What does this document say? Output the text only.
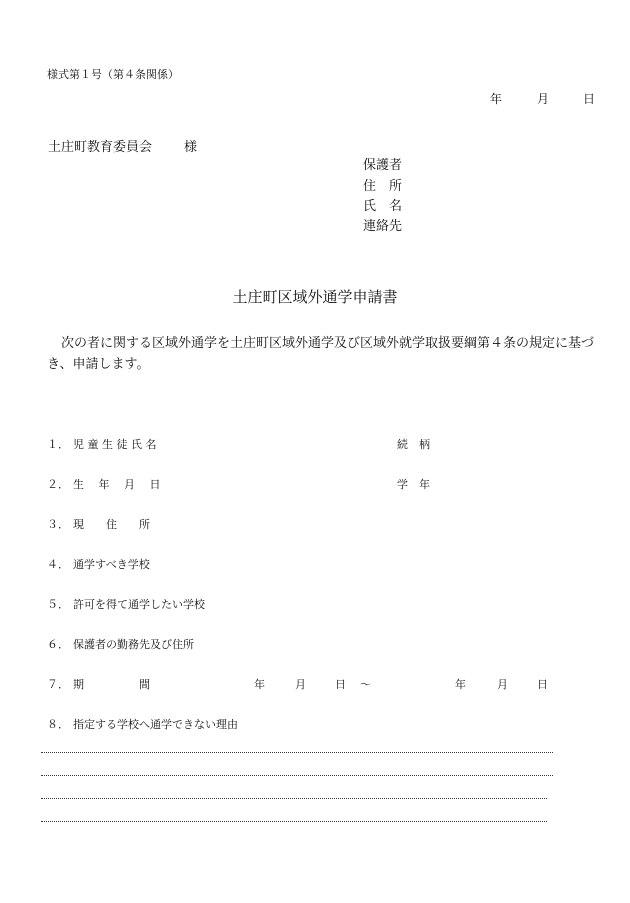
様式第１号（第４条関係）
年	月	日
土庄町教育委員会 様
保護者
住　所
氏　名
連絡先
土庄町区域外通学申請書
次の者に関する区域外通学を土庄町区域外通学及び区域外就学取扱要綱第４条の規定に基づき、申請します。
１． 児 童 生 徒 氏 名	続　柄
２． 生　 年　 月　 日	学　年
３． 現　　住　　所
４． 通学すべき学校
５． 許可を得て通学したい学校
６． 保護者の勤務先及び住所
７． 期　　　　　間	年	月	日 ～	年	月	日
８． 指定する学校へ通学できない理由
